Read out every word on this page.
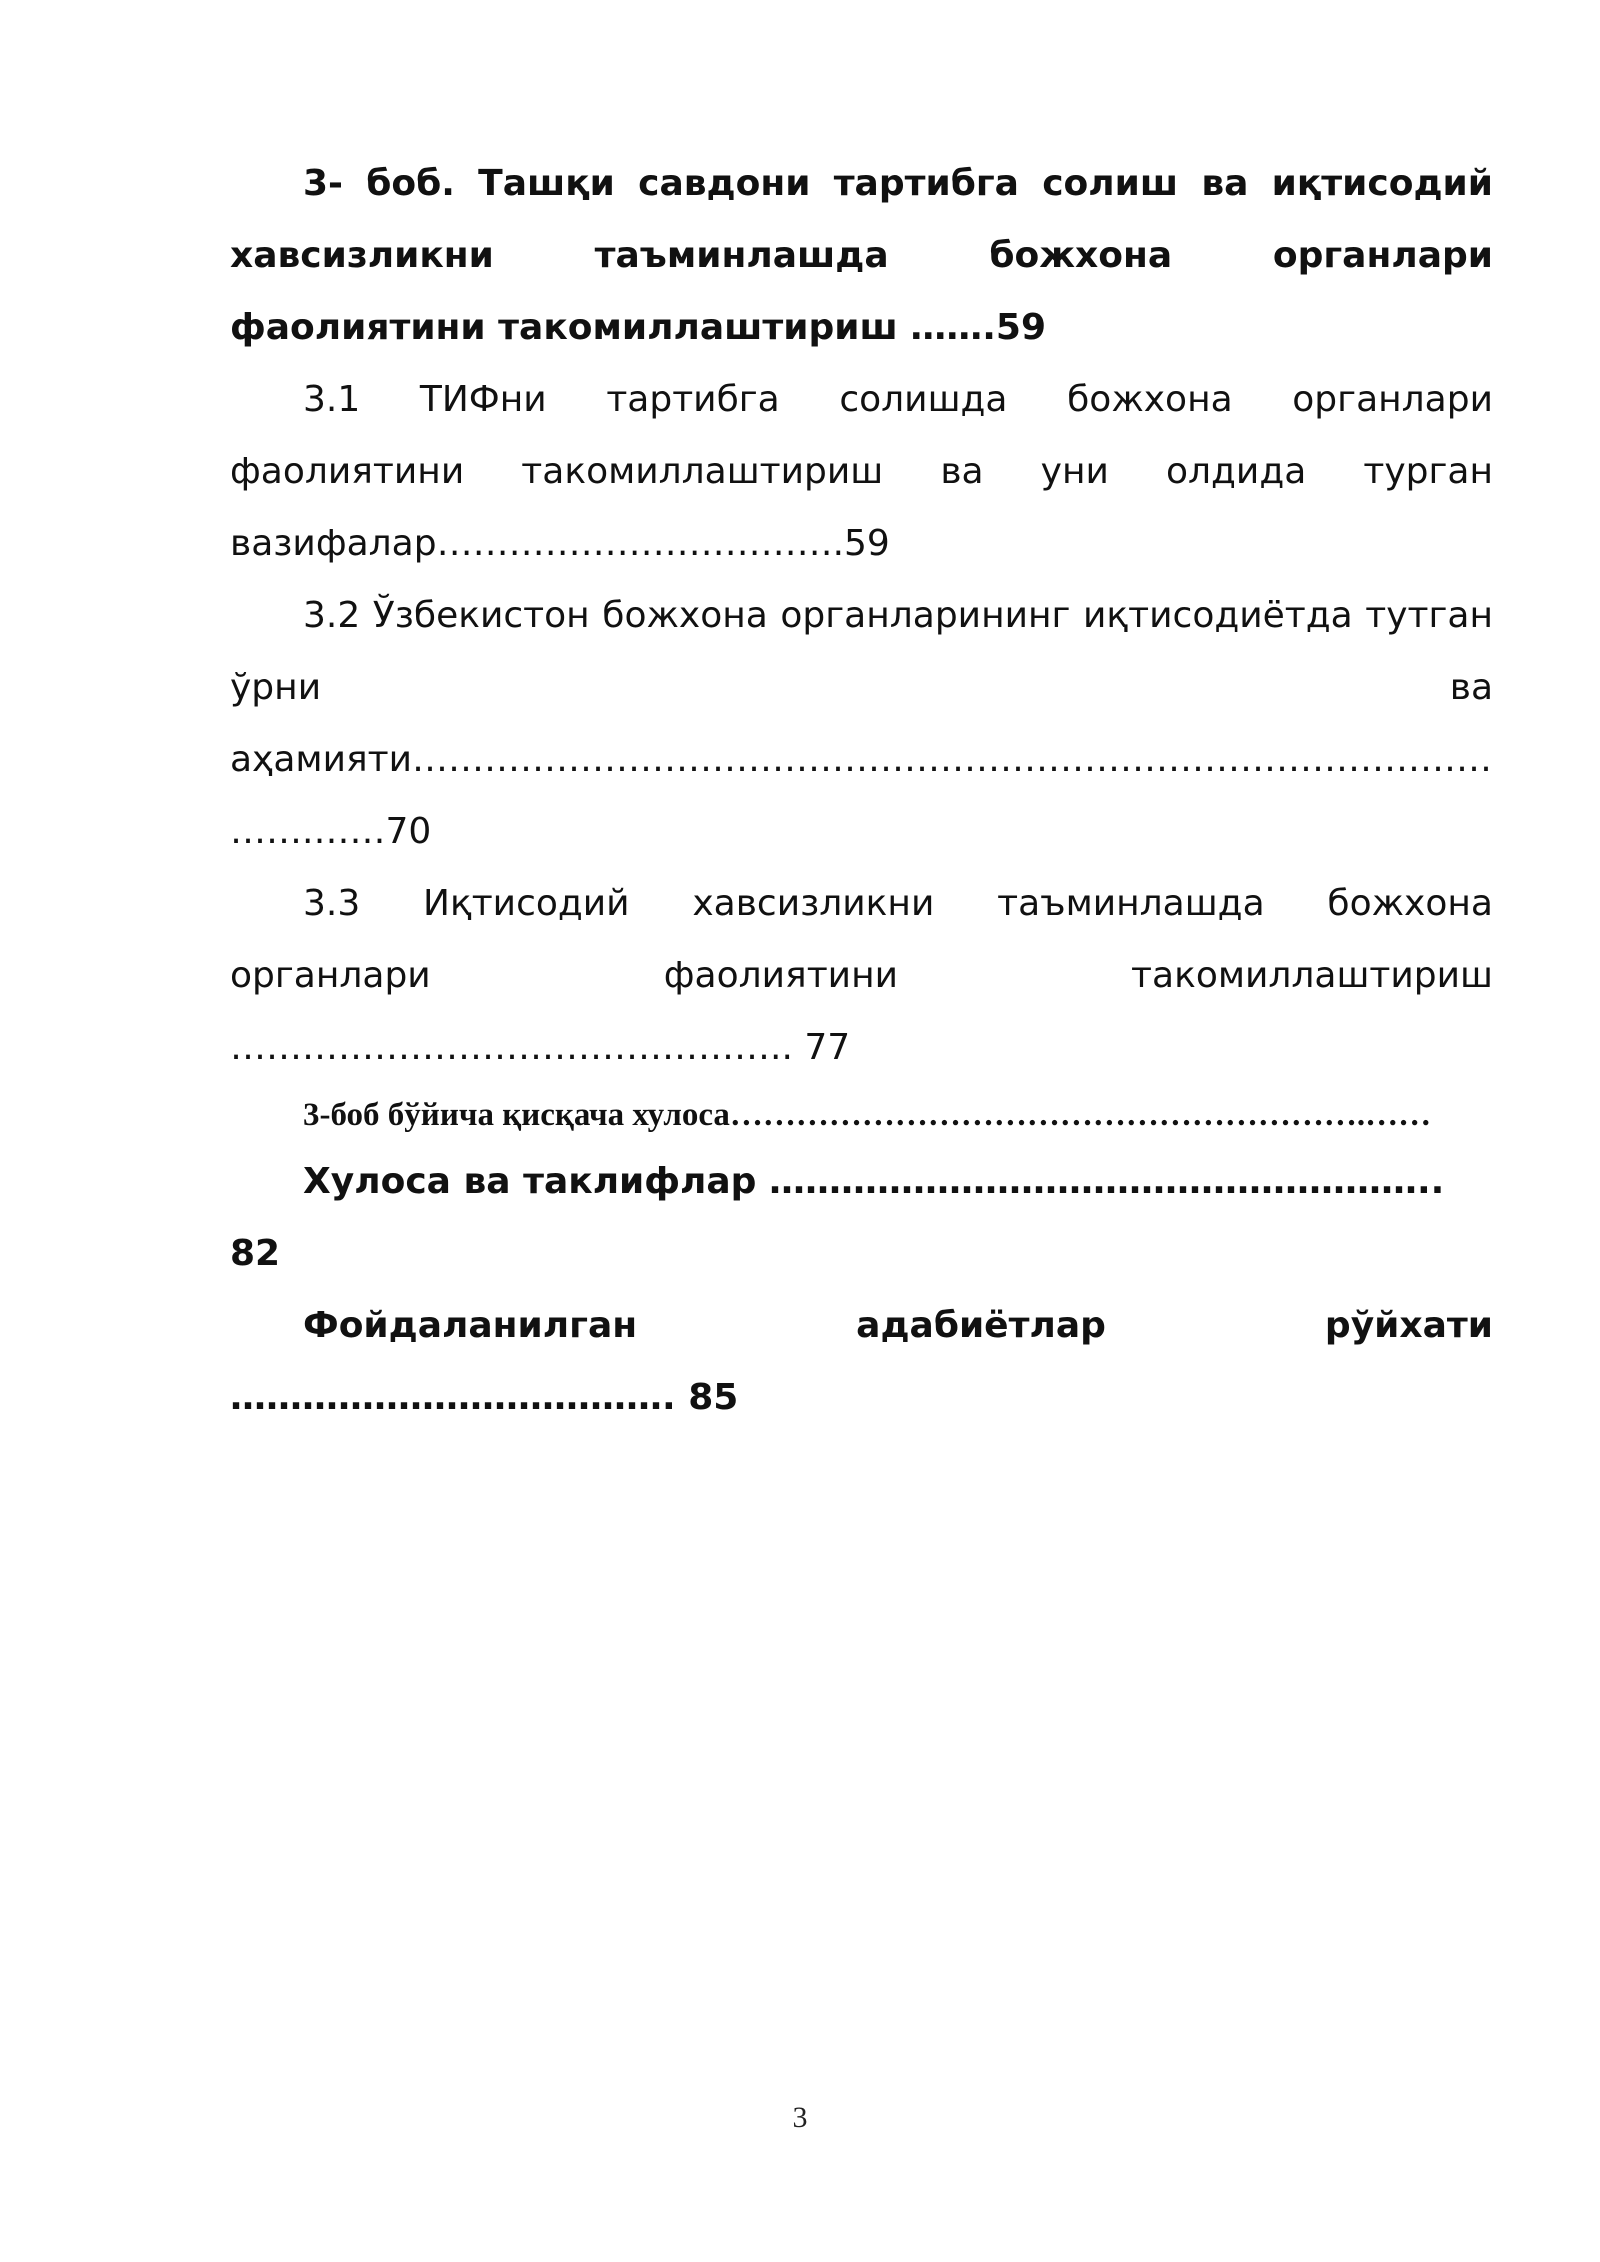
3- боб. Ташқи савдони тартибга солиш ва иқтисодий хавсизликни таъминлашда божхона органлари фаолиятини такомиллаштириш …….59

3.1 ТИФни тартибга солишда божхона органлари фаолиятини такомиллаштириш ва уни олдида турган вазифалар…………………………….59

3.2 Ўзбекистон божхона органларининг иқтисодиётда тутган ўрни ва аҳамияти…………………………………………………………………………………….……70

3.3 Иқтисодий хавсизликни таъминлашда божхона органлари фаолиятини такомиллаштириш ……………………………………….. 77

3-боб бўйича қисқача хулоса………………………………………………….……

Хулоса ва таклифлар ……………………………………………….. 82

Фойдаланилган адабиётлар рўйхати ………………………………. 85

3
